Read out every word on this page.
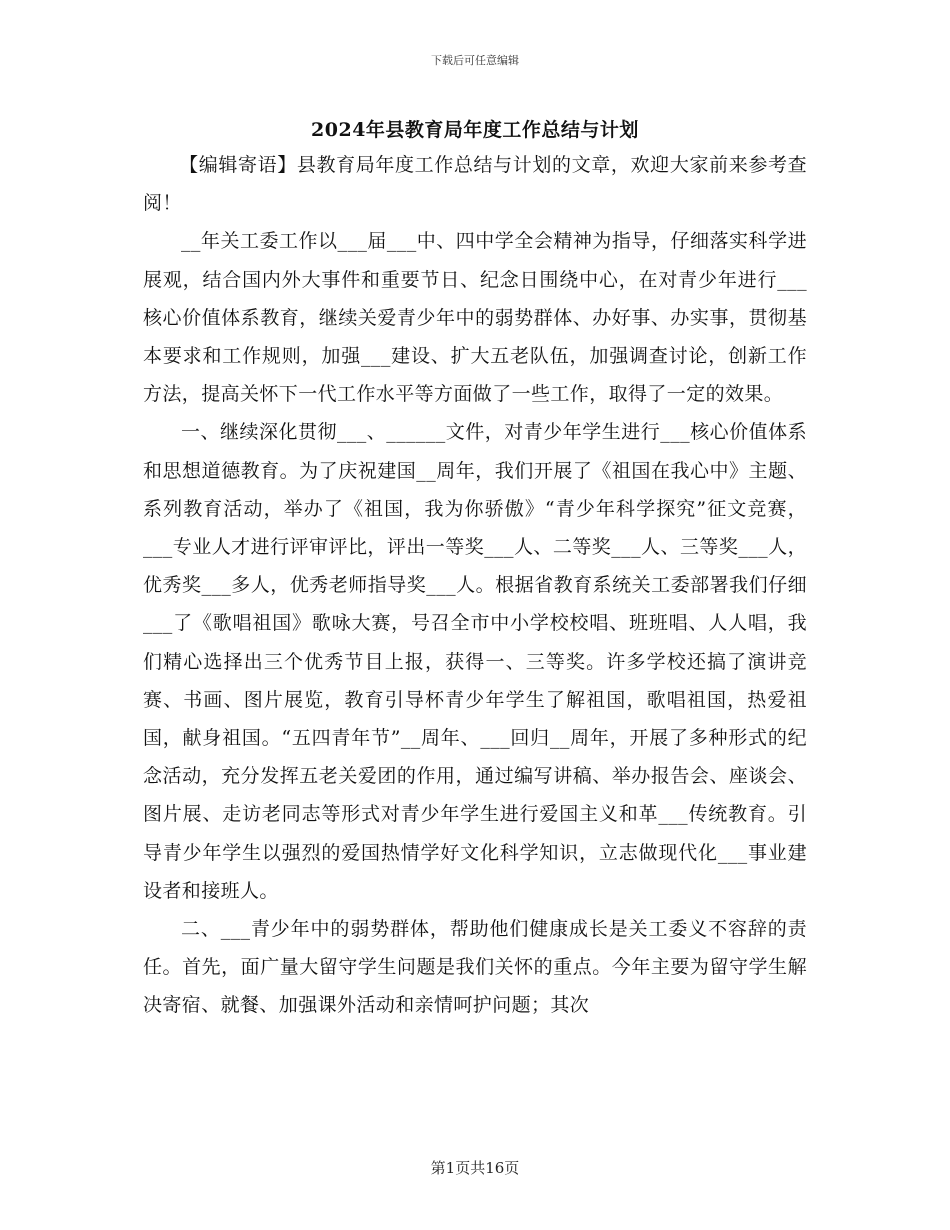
下载后可任意编辑
2024年县教育局年度工作总结与计划

【编辑寄语】县教育局年度工作总结与计划的文章，欢迎大家前来参考查阅！

__年关工委工作以___届___中、四中学全会精神为指导，仔细落实科学进展观，结合国内外大事件和重要节日、纪念日围绕中心，在对青少年进行___核心价值体系教育，继续关爱青少年中的弱势群体、办好事、办实事，贯彻基本要求和工作规则，加强___建设、扩大五老队伍，加强调查讨论，创新工作方法，提高关怀下一代工作水平等方面做了一些工作，取得了一定的效果。

一、继续深化贯彻___、______文件，对青少年学生进行___核心价值体系和思想道德教育。为了庆祝建国__周年，我们开展了《祖国在我心中》主题、系列教育活动，举办了《祖国，我为你骄傲》“青少年科学探究”征文竞赛，___专业人才进行评审评比，评出一等奖___人、二等奖___人、三等奖___人，优秀奖___多人，优秀老师指导奖___人。根据省教育系统关工委部署我们仔细___了《歌唱祖国》歌咏大赛，号召全市中小学校校唱、班班唱、人人唱，我们精心选择出三个优秀节目上报，获得一、三等奖。许多学校还搞了演讲竞赛、书画、图片展览，教育引导杯青少年学生了解祖国，歌唱祖国，热爱祖国，献身祖国。“五四青年节”__周年、___回归__周年，开展了多种形式的纪念活动，充分发挥五老关爱团的作用，通过编写讲稿、举办报告会、座谈会、图片展、走访老同志等形式对青少年学生进行爱国主义和革___传统教育。引导青少年学生以强烈的爱国热情学好文化科学知识，立志做现代化___事业建设者和接班人。

二、___青少年中的弱势群体，帮助他们健康成长是关工委义不容辞的责任。首先，面广量大留守学生问题是我们关怀的重点。今年主要为留守学生解决寄宿、就餐、加强课外活动和亲情呵护问题；其次

第1页共16页
